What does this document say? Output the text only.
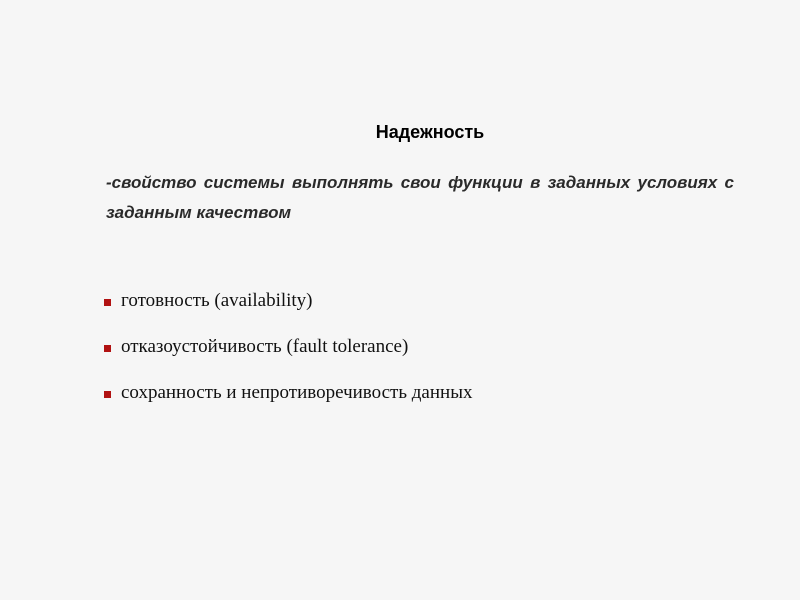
Надежность
-свойство системы выполнять свои функции в заданных условиях с заданным качеством
готовность (availability)
отказоустойчивость (fault tolerance)
сохранность и непротиворечивость данных
